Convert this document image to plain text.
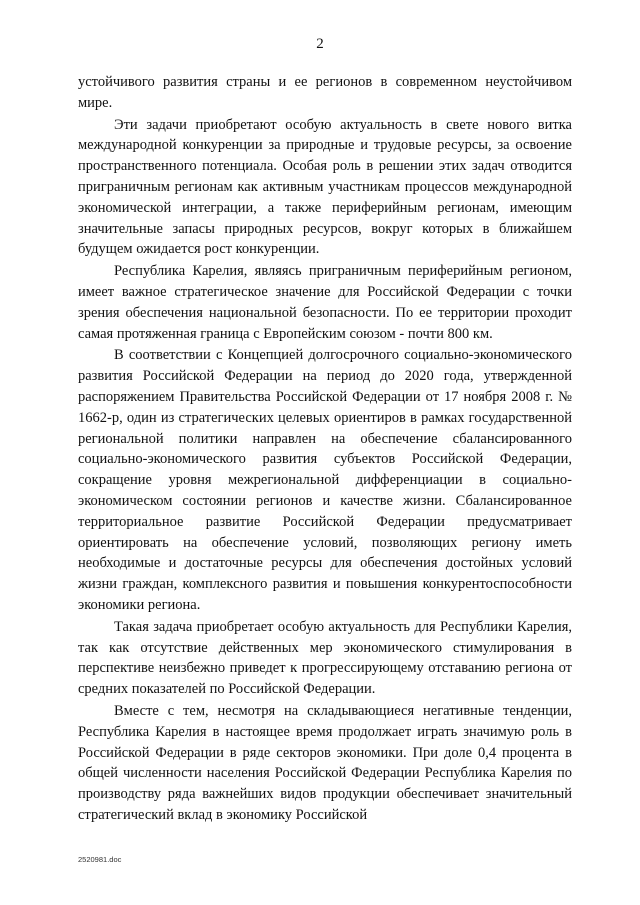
2

устойчивого развития страны и ее регионов в современном неустойчивом мире.

Эти задачи приобретают особую актуальность в свете нового витка международной конкуренции за природные и трудовые ресурсы, за освоение пространственного потенциала. Особая роль в решении этих задач отводится приграничным регионам как активным участникам процессов международной экономической интеграции, а также периферийным регионам, имеющим значительные запасы природных ресурсов, вокруг которых в ближайшем будущем ожидается рост конкуренции.

Республика Карелия, являясь приграничным периферийным регионом, имеет важное стратегическое значение для Российской Федерации с точки зрения обеспечения национальной безопасности. По ее территории проходит самая протяженная граница с Европейским союзом - почти 800 км.

В соответствии с Концепцией долгосрочного социально-экономического развития Российской Федерации на период до 2020 года, утвержденной распоряжением Правительства Российской Федерации от 17 ноября 2008 г. № 1662-р, один из стратегических целевых ориентиров в рамках государственной региональной политики направлен на обеспечение сбалансированного социально-экономического развития субъектов Российской Федерации, сокращение уровня межрегиональной дифференциации в социально-экономическом состоянии регионов и качестве жизни. Сбалансированное территориальное развитие Российской Федерации предусматривает ориентировать на обеспечение условий, позволяющих региону иметь необходимые и достаточные ресурсы для обеспечения достойных условий жизни граждан, комплексного развития и повышения конкурентоспособности экономики региона.

Такая задача приобретает особую актуальность для Республики Карелия, так как отсутствие действенных мер экономического стимулирования в перспективе неизбежно приведет к прогрессирующему отставанию региона от средних показателей по Российской Федерации.

Вместе с тем, несмотря на складывающиеся негативные тенденции, Республика Карелия в настоящее время продолжает играть значимую роль в Российской Федерации в ряде секторов экономики. При доле 0,4 процента в общей численности населения Российской Федерации Республика Карелия по производству ряда важнейших видов продукции обеспечивает значительный стратегический вклад в экономику Российской

2520981.doc
